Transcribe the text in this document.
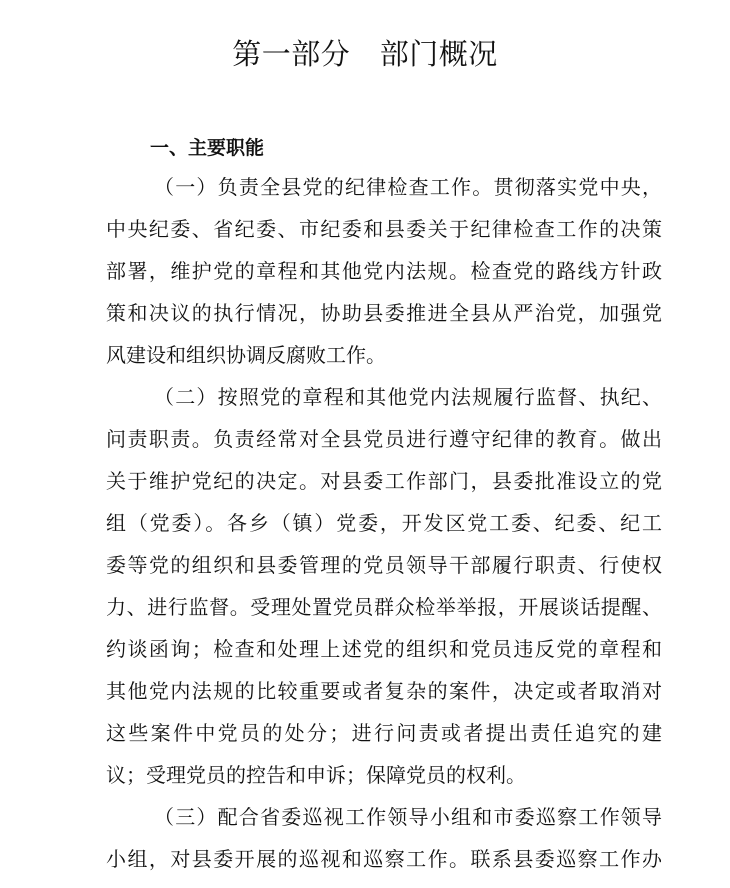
第一部分　部门概况
一、主要职能
（一）负责全县党的纪律检查工作。贯彻落实党中央，
中央纪委、省纪委、市纪委和县委关于纪律检查工作的决策
部署，维护党的章程和其他党内法规。检查党的路线方针政
策和决议的执行情况，协助县委推进全县从严治党，加强党
风建设和组织协调反腐败工作。
（二）按照党的章程和其他党内法规履行监督、执纪、
问责职责。负责经常对全县党员进行遵守纪律的教育。做出
关于维护党纪的决定。对县委工作部门，县委批准设立的党
组（党委）。各乡（镇）党委，开发区党工委、纪委、纪工
委等党的组织和县委管理的党员领导干部履行职责、行使权
力、进行监督。受理处置党员群众检举举报，开展谈话提醒、
约谈函询；检查和处理上述党的组织和党员违反党的章程和
其他党内法规的比较重要或者复杂的案件，决定或者取消对
这些案件中党员的处分；进行问责或者提出责任追究的建
议；受理党员的控告和申诉；保障党员的权利。
（三）配合省委巡视工作领导小组和市委巡察工作领导
小组，对县委开展的巡视和巡察工作。联系县委巡察工作办
